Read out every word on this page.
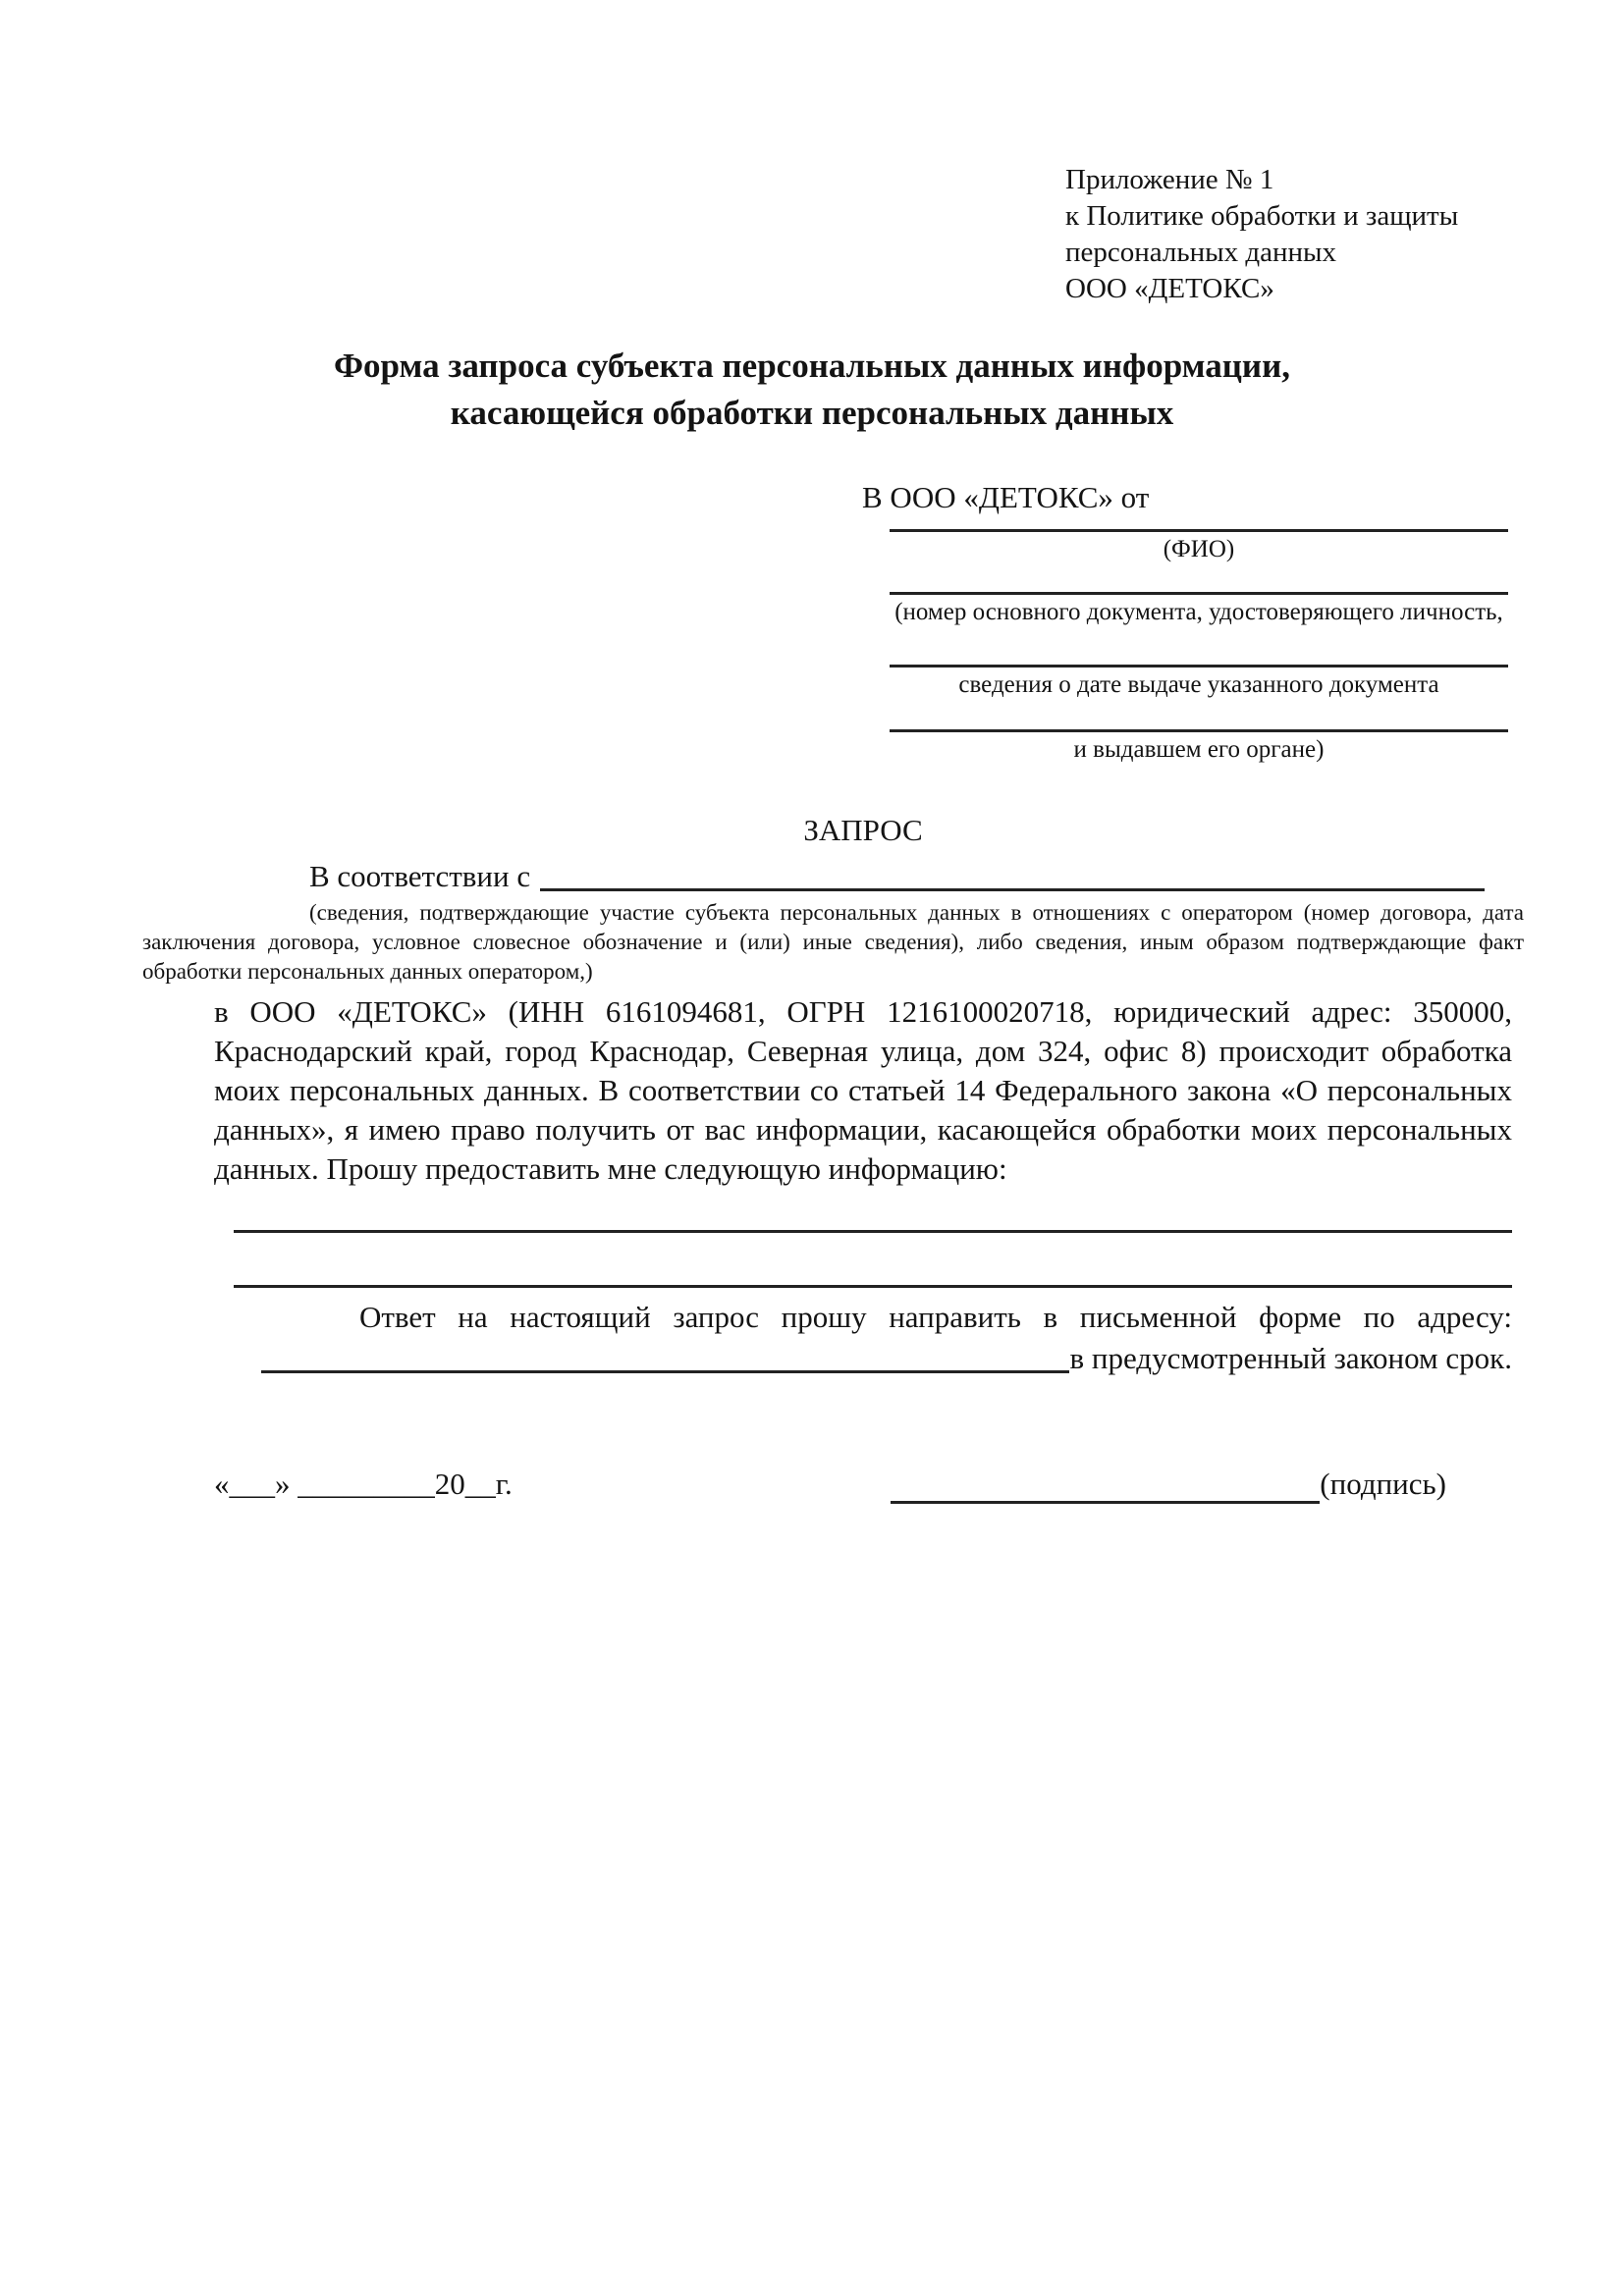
Приложение № 1
к Политике обработки и защиты
персональных данных
ООО «ДЕТОКС»
Форма запроса субъекта персональных данных информации,
касающейся обработки персональных данных
В ООО «ДЕТОКС» от
(ФИО)
(номер основного документа, удостоверяющего личность,
сведения о дате выдаче указанного документа
и выдавшем его органе)
ЗАПРОС
В соответствии с

(сведения, подтверждающие участие субъекта персональных данных в отношениях с оператором (номер договора, дата заключения договора, условное словесное обозначение и (или) иные сведения), либо сведения, иным образом подтверждающие факт обработки персональных данных оператором,)

в ООО «ДЕТОКС» (ИНН 6161094681, ОГРН 1216100020718, юридический адрес: 350000, Краснодарский край, город Краснодар, Северная улица, дом 324, офис 8) происходит обработка моих персональных данных. В соответствии со статьей 14 Федерального закона «О персональных данных», я имею право получить от вас информации, касающейся обработки моих персональных данных. Прошу предоставить мне следующую информацию:

Ответ на настоящий запрос прошу направить в письменной форме по адресу:

в предусмотренный законом срок.
«___» _________20__г.	(подпись)
